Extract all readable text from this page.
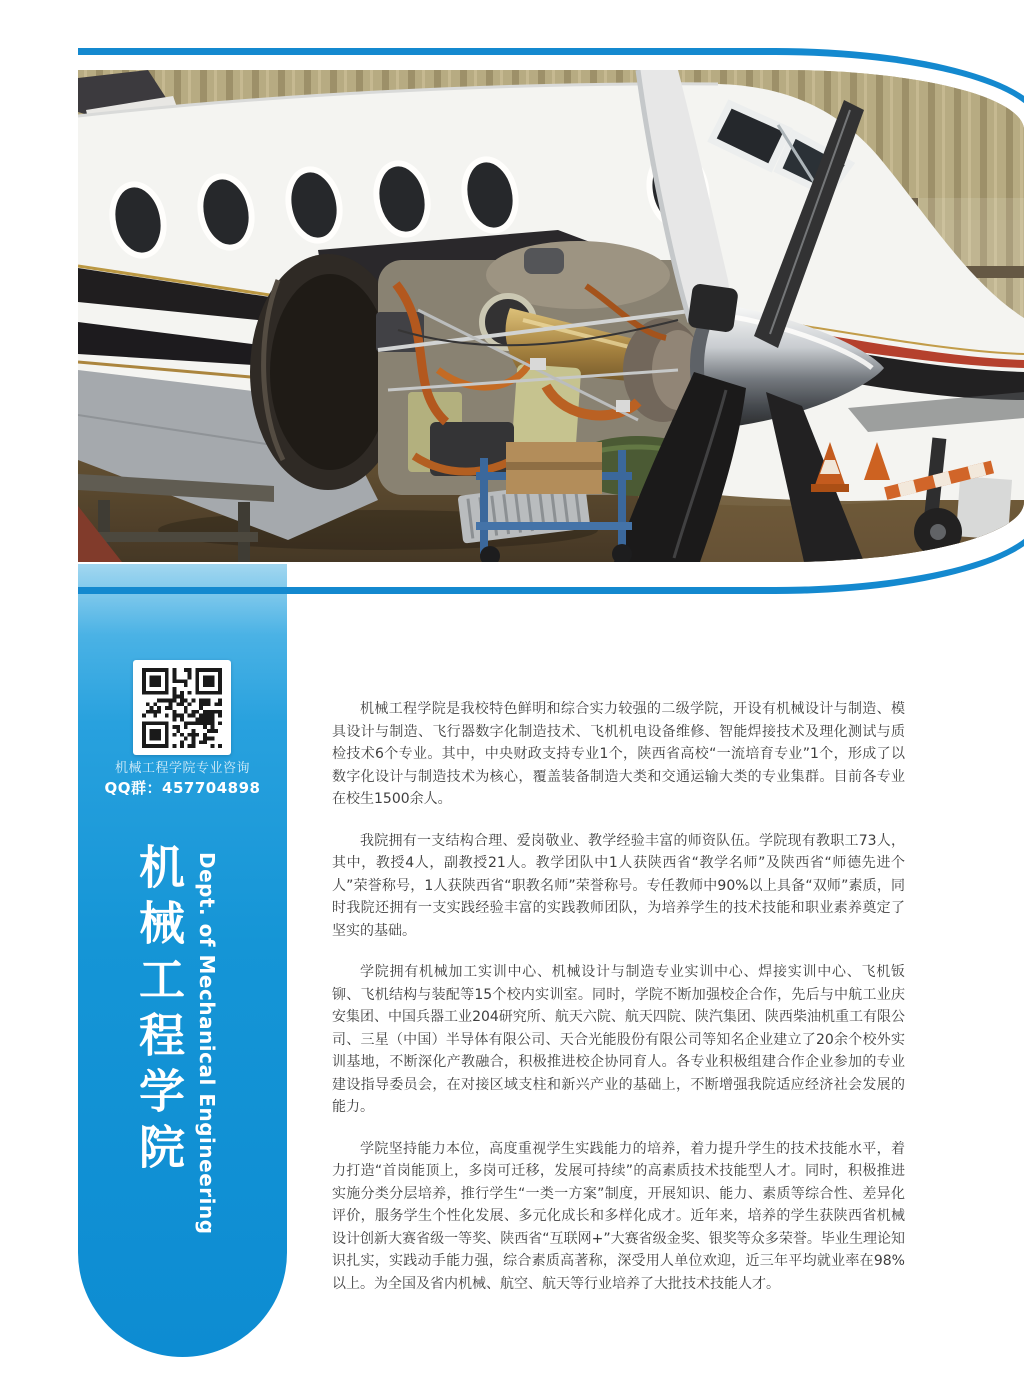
机械工程学院专业咨询
QQ群：457704898
机械工程学院 Dept. of Mechanical Engineering

机械工程学院是我校特色鲜明和综合实力较强的二级学院，开设有机械设计与制造、模具设计与制造、飞行器数字化制造技术、飞机机电设备维修、智能焊接技术及理化测试与质检技术6个专业。其中，中央财政支持专业1个，陕西省高校“一流培育专业”1个，形成了以数字化设计与制造技术为核心，覆盖装备制造大类和交通运输大类的专业集群。目前各专业在校生1500余人。

我院拥有一支结构合理、爱岗敬业、教学经验丰富的师资队伍。学院现有教职工73人，其中，教授4人，副教授21人。教学团队中1人获陕西省“教学名师”及陕西省“师德先进个人”荣誉称号，1人获陕西省“职教名师”荣誉称号。专任教师中90%以上具备“双师”素质，同时我院还拥有一支实践经验丰富的实践教师团队，为培养学生的技术技能和职业素养奠定了坚实的基础。

学院拥有机械加工实训中心、机械设计与制造专业实训中心、焊接实训中心、飞机钣铆、飞机结构与装配等15个校内实训室。同时，学院不断加强校企合作，先后与中航工业庆安集团、中国兵器工业204研究所、航天六院、航天四院、陕汽集团、陕西柴油机重工有限公司、三星（中国）半导体有限公司、天合光能股份有限公司等知名企业建立了20余个校外实训基地，不断深化产教融合，积极推进校企协同育人。各专业积极组建合作企业参加的专业建设指导委员会，在对接区域支柱和新兴产业的基础上，不断增强我院适应经济社会发展的能力。

学院坚持能力本位，高度重视学生实践能力的培养，着力提升学生的技术技能水平，着力打造“首岗能顶上，多岗可迁移，发展可持续”的高素质技术技能型人才。同时，积极推进实施分类分层培养，推行学生“一类一方案”制度，开展知识、能力、素质等综合性、差异化评价，服务学生个性化发展、多元化成长和多样化成才。近年来，培养的学生获陕西省机械设计创新大赛省级一等奖、陕西省“互联网+”大赛省级金奖、银奖等众多荣誉。毕业生理论知识扎实，实践动手能力强，综合素质高著称，深受用人单位欢迎，近三年平均就业率在98%以上。为全国及省内机械、航空、航天等行业培养了大批技术技能人才。
